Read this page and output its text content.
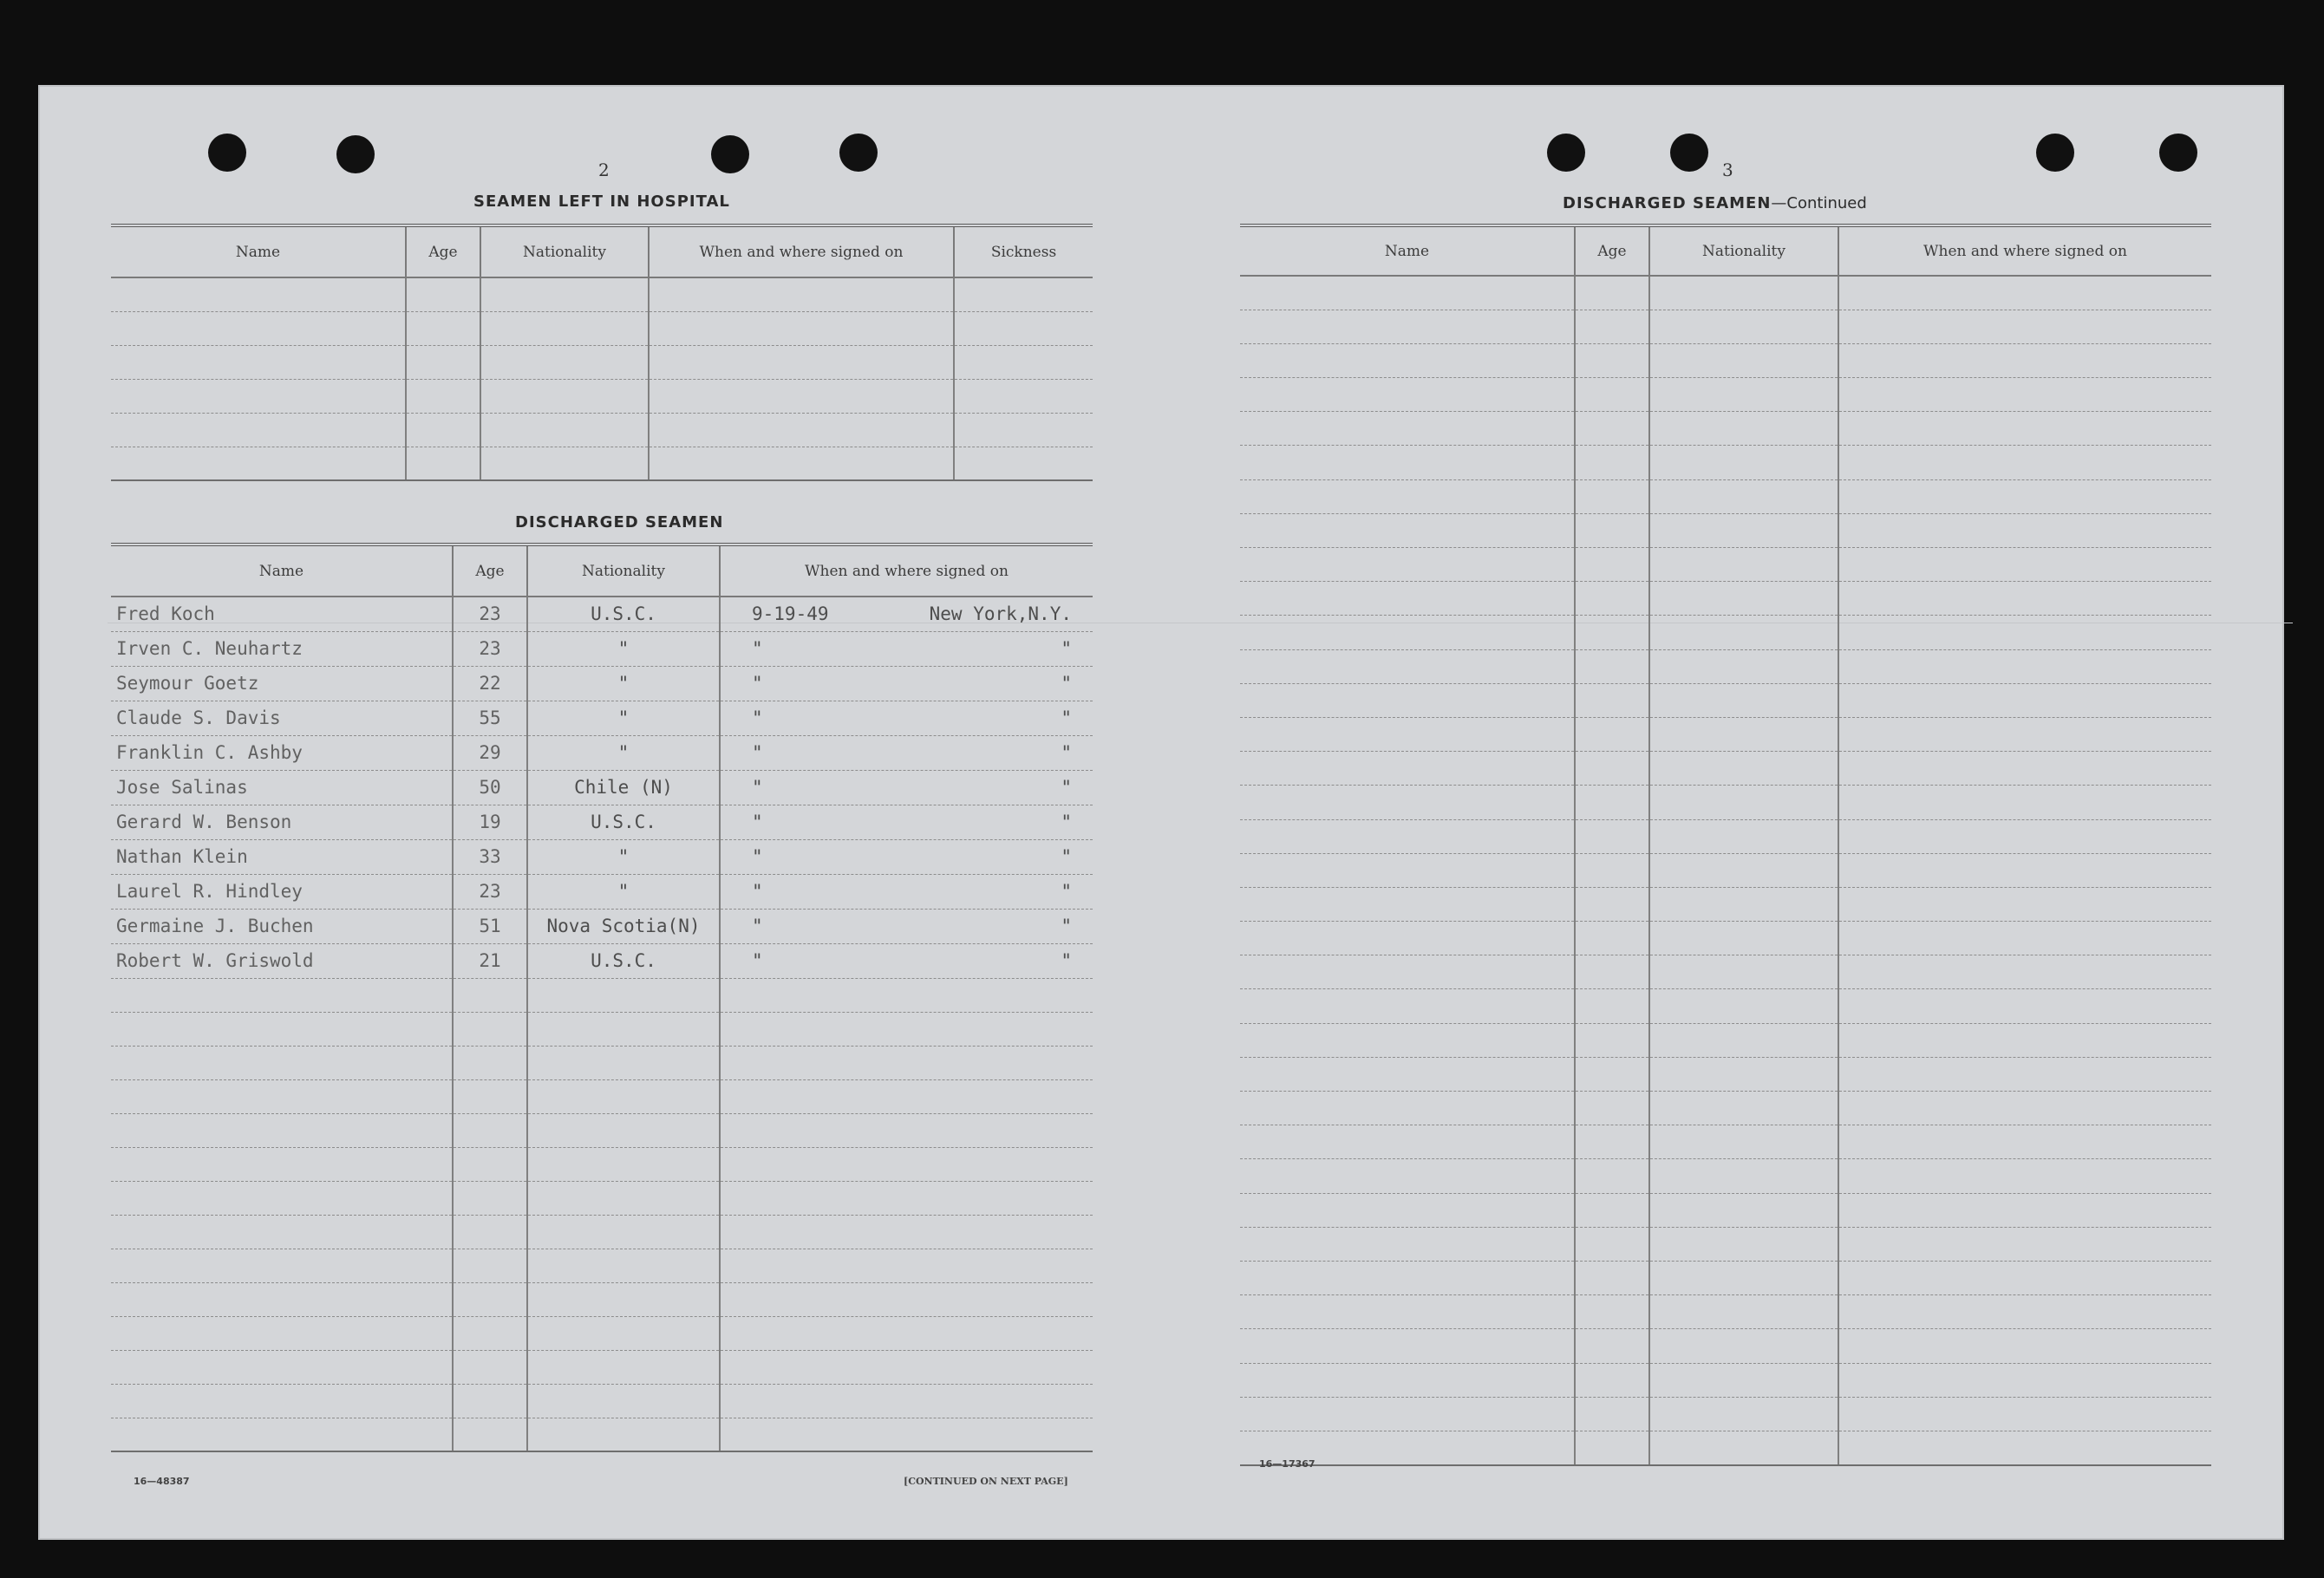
2
SEAMEN LEFT IN HOSPITAL
Name	Age	Nationality	When and where signed on	Sickness

DISCHARGED SEAMEN
Name	Age	Nationality	When and where signed on
Fred Koch	23	U.S.C.	9-19-49 New York,N.Y.

Irven C. Neuhartz	23	"	" "

Seymour Goetz	22	"	" "

Claude S. Davis	55	"	" "

Franklin C. Ashby	29	"	" "

Jose Salinas	50	Chile (N)	" "

Gerard W. Benson	19	U.S.C.	" "

Nathan Klein	33	"	" "

Laurel R. Hindley	23	"	" "

Germaine J. Buchen	51	Nova Scotia(N)	" "

Robert W. Griswold	21	U.S.C.	" "

16—48387	[CONTINUED ON NEXT PAGE]
3
DISCHARGED SEAMEN—Continued
Name	Age	Nationality	When and where signed on

16—17367
